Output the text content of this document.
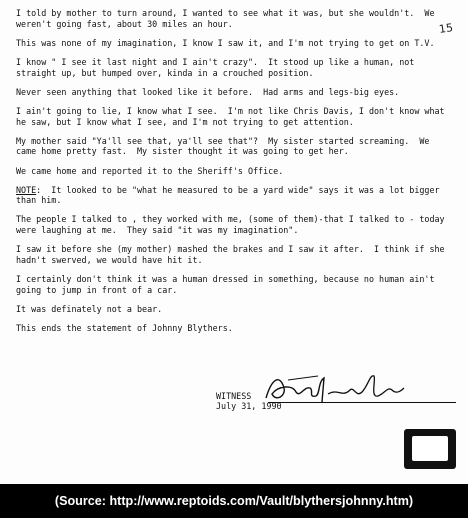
15

I told by mother to turn around, I wanted to see what it was, but she wouldn't.  We weren't going fast, about 30 miles an hour.

This was none of my imagination, I know I saw it, and I'm not trying to get on T.V.

I know " I see it last night and I ain't crazy".  It stood up like a human, not straight up, but humped over, kinda in a crouched position.

Never seen anything that looked like it before.  Had arms and legs-big eyes.

I ain't going to lie, I know what I see.  I'm not like Chris Davis, I don't know what he saw, but I know what I see, and I'm not trying to get attention.

My mother said "Ya'll see that, ya'll see that"?  My sister started screaming.  We came home pretty fast.  My sister thought it was going to get her.

We came home and reported it to the Sheriff's Office.

NOTE:  It looked to be "what he measured to be a yard wide" says it was a lot bigger than him.

The people I talked to , they worked with me, (some of them)-that I talked to - today were laughing at me.  They said "it was my imagination".

I saw it before she (my mother) mashed the brakes and I saw it after.  I think if she hadn't swerved, we would have hit it.

I certainly don't think it was a human dressed in something, because no human ain't going to jump in front of a car.

It was definately not a bear.

This ends the statement of Johnny Blythers.

WITNESS
July 31, 1990
(Source: http://www.reptoids.com/Vault/blythersjohnny.htm)
